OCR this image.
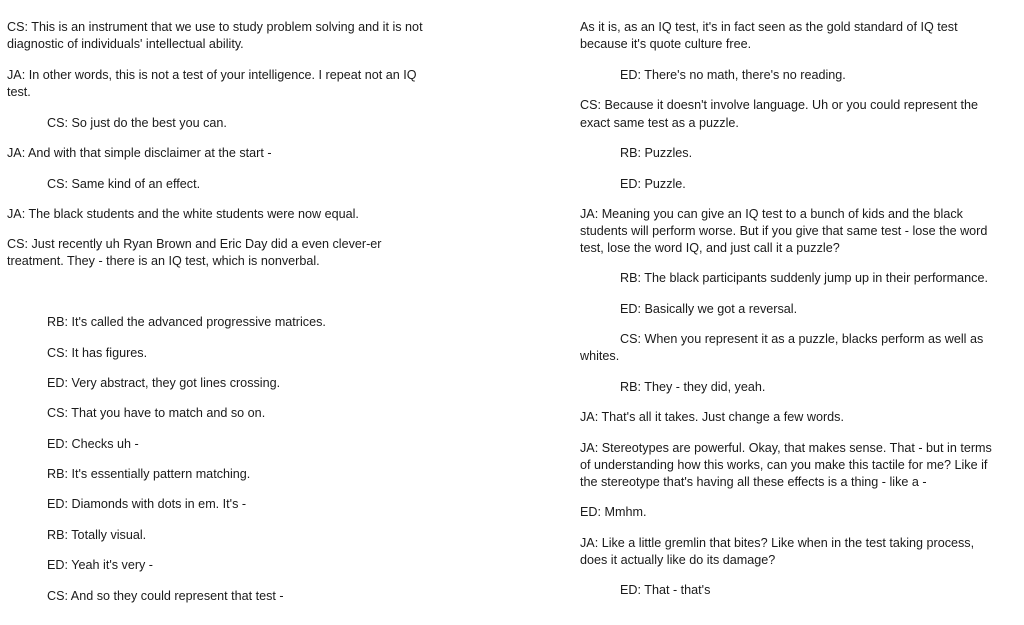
CS: This is an instrument that we use to study problem solving and it is not

diagnostic of individuals' intellectual ability.

JA: In other words, this is not a test of your intelligence. I repeat not an IQ

test.

CS: So just do the best you can.

JA: And with that simple disclaimer at the start -

CS: Same kind of an effect.

JA: The black students and the white students were now equal.

CS: Just recently uh Ryan Brown and Eric Day did a even clever-er

treatment. They - there is an IQ test, which is nonverbal.

RB: It's called the advanced progressive matrices.

CS: It has figures.

ED: Very abstract, they got lines crossing.

CS: That you have to match and so on.

ED: Checks uh -

RB: It's essentially pattern matching.

ED: Diamonds with dots in em. It's -

RB: Totally visual.

ED: Yeah it's very -

CS: And so they could represent that test -

As it is, as an IQ test, it's in fact seen as the gold standard of IQ test

because it's quote culture free.

ED: There's no math, there's no reading.

CS: Because it doesn't involve language. Uh or you could represent the

exact same test as a puzzle.

RB: Puzzles.

ED: Puzzle.

JA: Meaning you can give an IQ test to a bunch of kids and the black

students will perform worse. But if you give that same test - lose the word

test, lose the word IQ, and just call it a puzzle?

RB: The black participants suddenly jump up in their performance.

ED: Basically we got a reversal.

CS: When you represent it as a puzzle, blacks perform as well as

whites.

RB: They - they did, yeah.

JA: That's all it takes. Just change a few words.

JA: Stereotypes are powerful. Okay, that makes sense. That - but in terms

of understanding how this works, can you make this tactile for me? Like if

the stereotype that's having all these effects is a thing - like a -

ED: Mmhm.

JA: Like a little gremlin that bites? Like when in the test taking process,

does it actually like do its damage?

ED: That - that's
